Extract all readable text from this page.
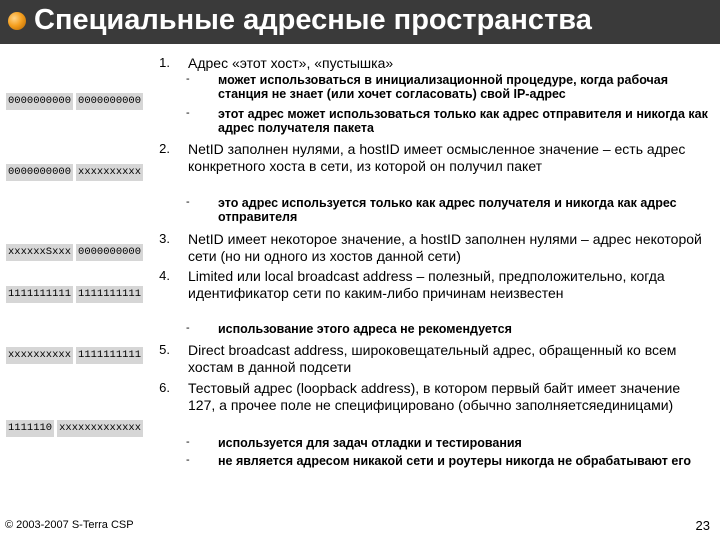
Специальные адресные пространства
0000000000 0000000000
0000000000 xxxxxxxxxx
xxxxxxSxxx 0000000000
1111111111 1111111111
xxxxxxxxxx 1111111111
1111110 xxxxxxxxxxxxx
1. Адрес «этот хост», «пустышка»
- может использоваться в инициализационной процедуре, когда рабочая станция не знает (или хочет согласовать) свой IP-адрес
- этот адрес может использоваться только как адрес отправителя и никогда как адрес получателя пакета
2. NetID заполнен нулями, а hostID имеет осмысленное значение – есть адрес конкретного хоста в сети, из которой он получил пакет
- это адрес используется только как адрес получателя и никогда как адрес отправителя
3. NetID имеет некоторое значение, а hostID заполнен нулями – адрес некоторой сети (но ни одного из хостов данной сети)
4. Limited или local broadcast address – полезный, предположительно, когда идентификатор сети по каким-либо причинам неизвестен
- использование этого адреса не рекомендуется
5. Direct broadcast address, широковещательный адрес, обращенный ко всем хостам в данной подсети
6. Тестовый адрес (loopback address), в котором первый байт имеет значение 127, а прочее поле не специфицировано (обычно заполняетсяединицами)
- используется для задач отладки и тестирования
- не является адресом никакой сети и роутеры никогда не обрабатывают его
© 2003-2007 S-Terra CSP	23
